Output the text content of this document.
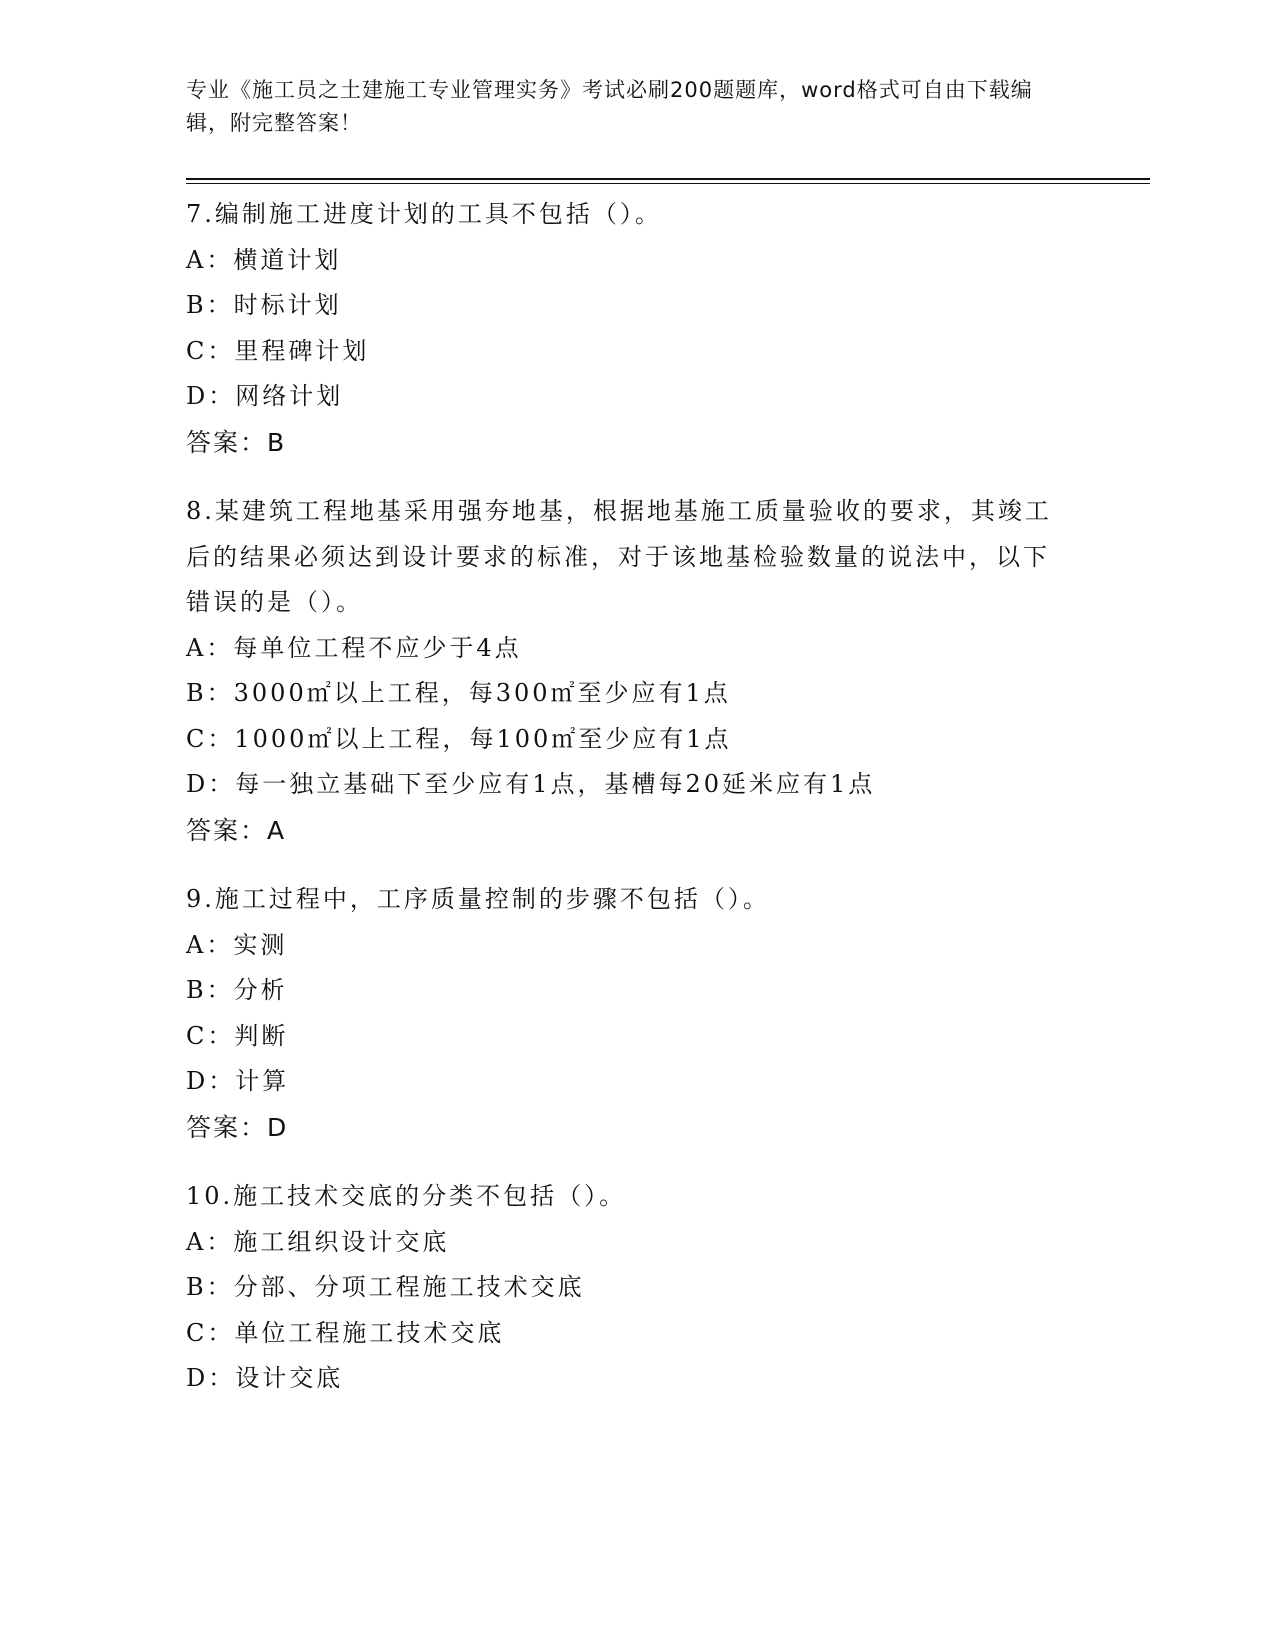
专业《施工员之土建施工专业管理实务》考试必刷200题题库，word格式可自由下载编辑，附完整答案！

7.编制施工进度计划的工具不包括（）。

A：横道计划

B：时标计划

C：里程碑计划

D：网络计划

答案：B

8.某建筑工程地基采用强夯地基，根据地基施工质量验收的要求，其竣工后的结果必须达到设计要求的标准，对于该地基检验数量的说法中，以下错误的是（）。

A：每单位工程不应少于4点

B：3000㎡以上工程，每300㎡至少应有1点

C：1000㎡以上工程，每100㎡至少应有1点

D：每一独立基础下至少应有1点，基槽每20延米应有1点

答案：A

9.施工过程中，工序质量控制的步骤不包括（）。

A：实测

B：分析

C：判断

D：计算

答案：D

10.施工技术交底的分类不包括（）。

A：施工组织设计交底

B：分部、分项工程施工技术交底

C：单位工程施工技术交底

D：设计交底
